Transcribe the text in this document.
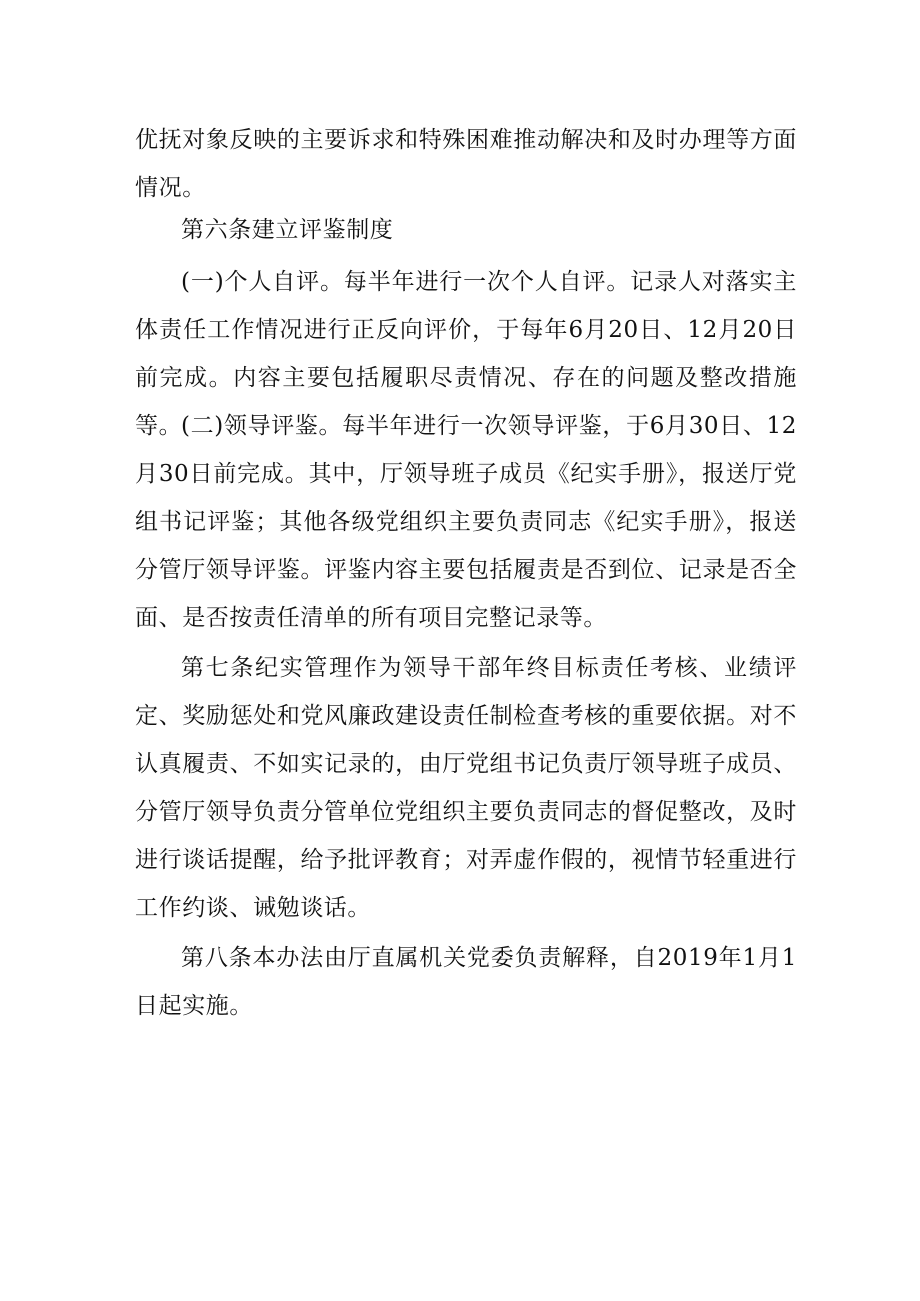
优抚对象反映的主要诉求和特殊困难推动解决和及时办理等方面情况。

第六条建立评鉴制度

(一)个人自评。每半年进行一次个人自评。记录人对落实主体责任工作情况进行正反向评价，于每年6月20日、12月20日前完成。内容主要包括履职尽责情况、存在的问题及整改措施等。

(二)领导评鉴。每半年进行一次领导评鉴，于6月30日、12月30日前完成。其中，厅领导班子成员《纪实手册》，报送厅党组书记评鉴；其他各级党组织主要负责同志《纪实手册》，报送分管厅领导评鉴。评鉴内容主要包括履责是否到位、记录是否全面、是否按责任清单的所有项目完整记录等。

第七条纪实管理作为领导干部年终目标责任考核、业绩评定、奖励惩处和党风廉政建设责任制检查考核的重要依据。对不认真履责、不如实记录的，由厅党组书记负责厅领导班子成员、分管厅领导负责分管单位党组织主要负责同志的督促整改，及时进行谈话提醒，给予批评教育；对弄虚作假的，视情节轻重进行工作约谈、诫勉谈话。

第八条本办法由厅直属机关党委负责解释，自2019年1月1日起实施。
